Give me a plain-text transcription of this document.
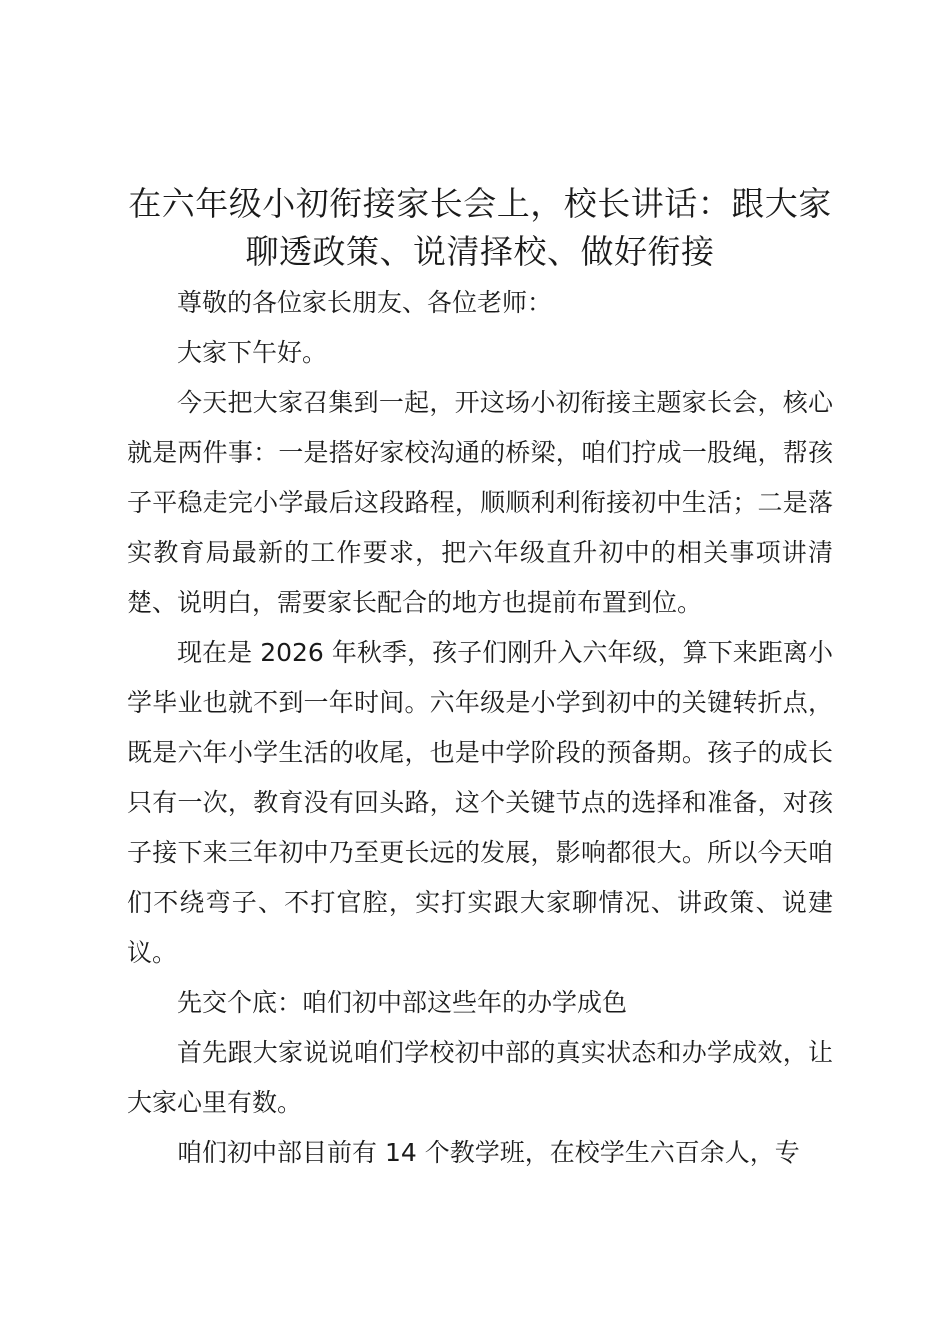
在六年级小初衔接家长会上，校长讲话：跟大家聊透政策、说清择校、做好衔接

尊敬的各位家长朋友、各位老师：

大家下午好。

今天把大家召集到一起，开这场小初衔接主题家长会，核心就是两件事：一是搭好家校沟通的桥梁，咱们拧成一股绳，帮孩子平稳走完小学最后这段路程，顺顺利利衔接初中生活；二是落实教育局最新的工作要求，把六年级直升初中的相关事项讲清楚、说明白，需要家长配合的地方也提前布置到位。

现在是 2026 年秋季，孩子们刚升入六年级，算下来距离小学毕业也就不到一年时间。六年级是小学到初中的关键转折点，既是六年小学生活的收尾，也是中学阶段的预备期。孩子的成长只有一次，教育没有回头路，这个关键节点的选择和准备，对孩子接下来三年初中乃至更长远的发展，影响都很大。所以今天咱们不绕弯子、不打官腔，实打实跟大家聊情况、讲政策、说建议。

先交个底：咱们初中部这些年的办学成色

首先跟大家说说咱们学校初中部的真实状态和办学成效，让大家心里有数。

咱们初中部目前有 14 个教学班，在校学生六百余人，专
